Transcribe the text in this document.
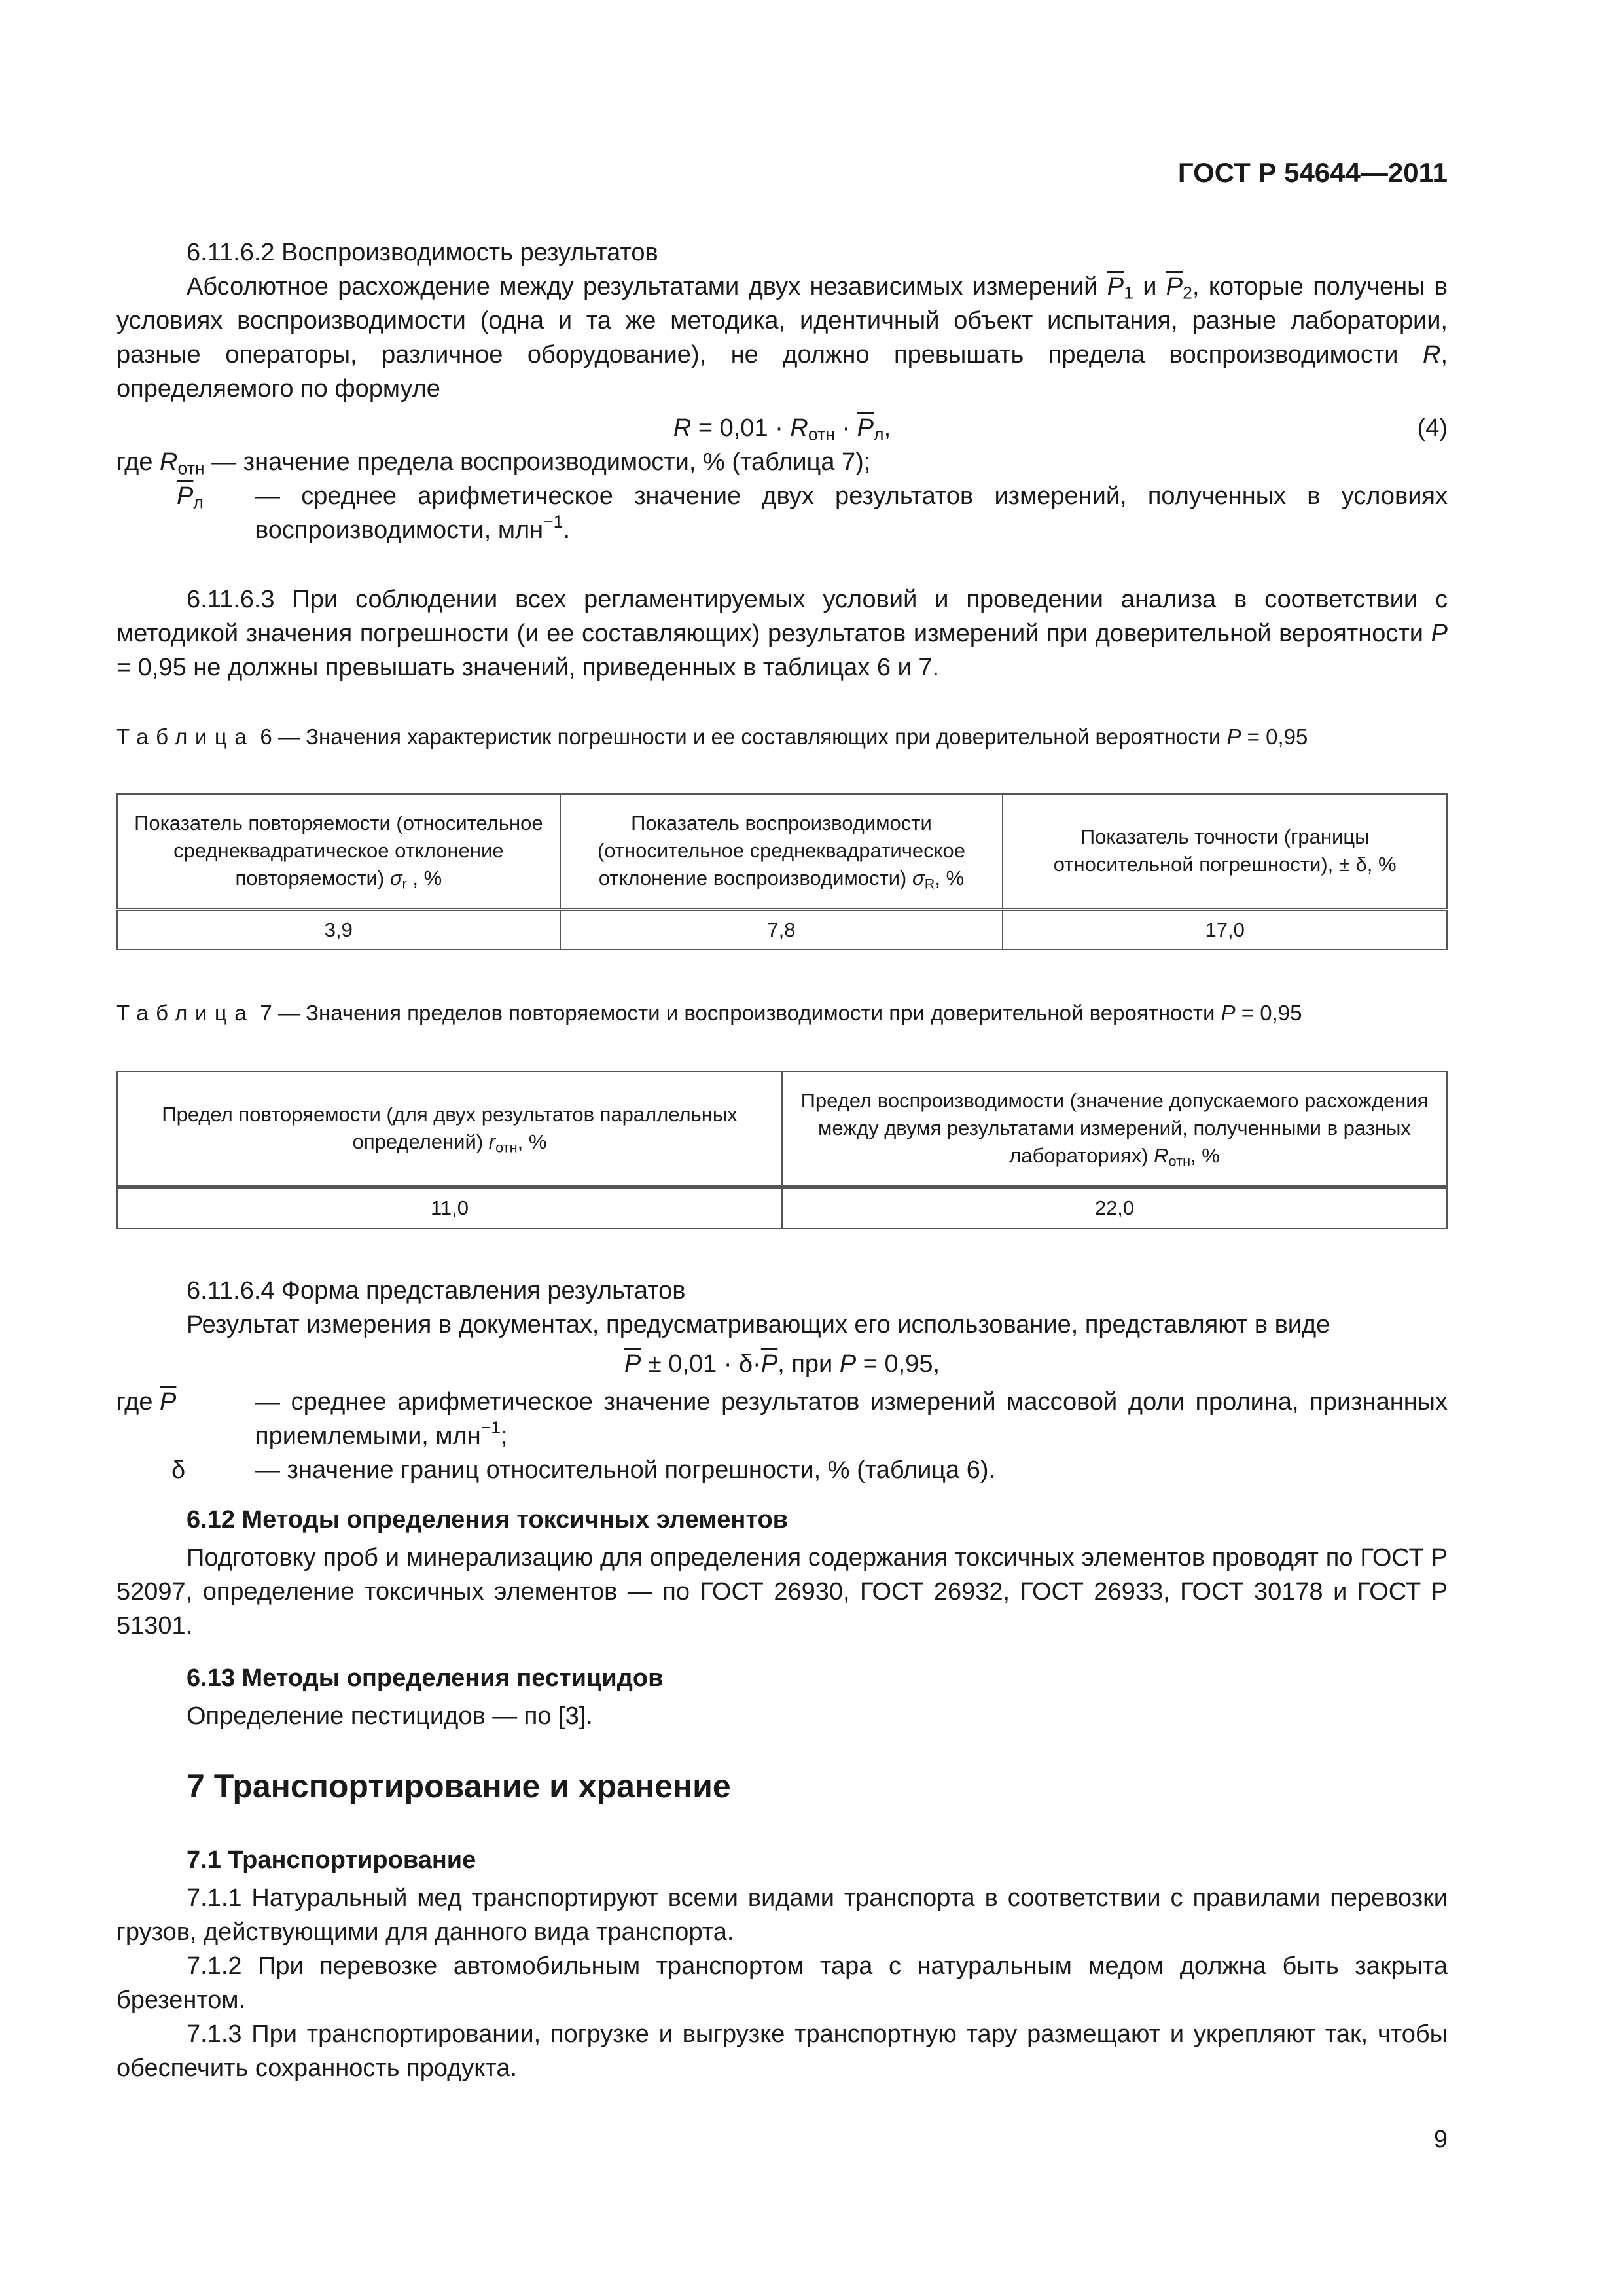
ГОСТ Р 54644—2011

6.11.6.2 Воспроизводимость результатов

Абсолютное расхождение между результатами двух независимых измерений $\overline{P}_1$ и $\overline{P}_2$, которые получены в условиях воспроизводимости (одна и та же методика, идентичный объект испытания, разные лаборатории, разные операторы, различное оборудование), не должно превышать предела воспроизводимости R, определяемого по формуле

$R = 0,01 \cdot R_{отн} \cdot \overline{P}_л$,	(4)

где $R_{отн}$ — значение предела воспроизводимости, % (таблица 7);

$\overline{P}_л$ — среднее арифметическое значение двух результатов измерений, полученных в условиях воспроизводимости, млн$^{-1}$.

6.11.6.3 При соблюдении всех регламентируемых условий и проведении анализа в соответствии с методикой значения погрешности (и ее составляющих) результатов измерений при доверительной вероятности P = 0,95 не должны превышать значений, приведенных в таблицах 6 и 7.

Таблица 6 — Значения характеристик погрешности и ее составляющих при доверительной вероятности P = 0,95
Показатель повторяемости (относительное среднеквадратическое отклонение повторяемости) $\sigma_r$ , %	Показатель воспроизводимости (относительное среднеквадратическое отклонение воспроизводимости) $\sigma_R$, %	Показатель точности (границы относительной погрешности), ± δ, %
3,9	7,8	17,0
Таблица 7 — Значения пределов повторяемости и воспроизводимости при доверительной вероятности P = 0,95
Предел повторяемости (для двух результатов параллельных определений) $r_{отн}$, %	Предел воспроизводимости (значение допускаемого расхождения между двумя результатами измерений, полученными в разных лабораториях) $R_{отн}$, %
11,0	22,0

6.11.6.4 Форма представления результатов

Результат измерения в документах, предусматривающих его использование, представляют в виде

$\overline{P} \pm 0,01 \cdot \delta\cdot\overline{P}$, при P = 0,95,

где $\overline{P}$	— среднее арифметическое значение результатов измерений массовой доли пролина, признанных приемлемыми, млн$^{-1}$;

δ	— значение границ относительной погрешности, % (таблица 6).

6.12 Методы определения токсичных элементов

Подготовку проб и минерализацию для определения содержания токсичных элементов проводят по ГОСТ Р 52097, определение токсичных элементов — по ГОСТ 26930, ГОСТ 26932, ГОСТ 26933, ГОСТ 30178 и ГОСТ Р 51301.

6.13 Методы определения пестицидов

Определение пестицидов — по [3].

7 Транспортирование и хранение

7.1 Транспортирование

7.1.1 Натуральный мед транспортируют всеми видами транспорта в соответствии с правилами перевозки грузов, действующими для данного вида транспорта.

7.1.2 При перевозке автомобильным транспортом тара с натуральным медом должна быть закрыта брезентом.

7.1.3 При транспортировании, погрузке и выгрузке транспортную тару размещают и укрепляют так, чтобы обеспечить сохранность продукта.

9
